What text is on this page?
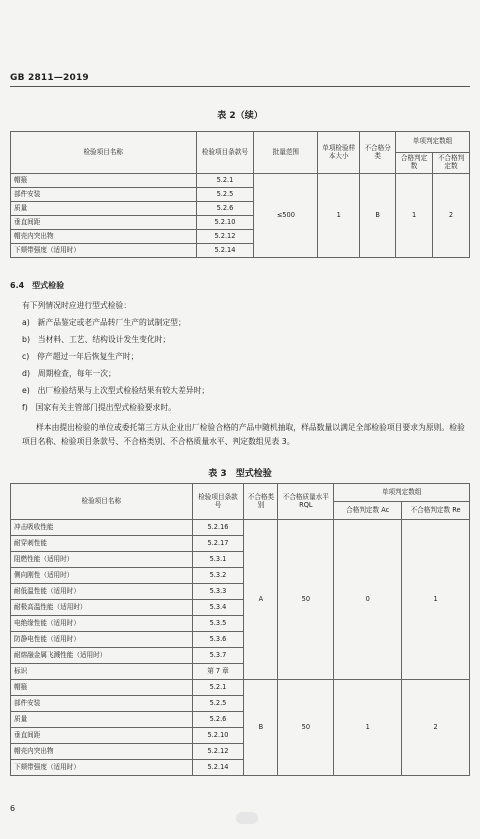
GB 2811—2019
表 2（续）
检验项目名称	检验项目条款号	批量范围	单项检验样本大小	不合格分类	单项判定数组	
					合格判定数	不合格判定数
帽箍	5.2.1	≤500	1	B	1	2
部件安装	5.2.5					
质量	5.2.6					
垂直间距	5.2.10					
帽壳内突出物	5.2.12					
下颏带强度（适用时）	5.2.14					
6.4　型式检验
有下列情况时应进行型式检验：
a)　新产品鉴定或老产品转厂生产的试制定型；
b)　当材料、工艺、结构设计发生变化时；
c)　停产超过一年后恢复生产时；
d)　周期检查，每年一次；
e)　出厂检验结果与上次型式检验结果有较大差异时；
f)　国家有关主管部门提出型式检验要求时。
样本由提出检验的单位或委托第三方从企业出厂检验合格的产品中随机抽取，样品数量以满足全部检验项目要求为原则。检验项目名称、检验项目条款号、不合格类别、不合格质量水平、判定数组见表 3。
表 3　型式检验
检验项目名称	检验项目条款号	不合格类别	不合格质量水平 RQL	单项判定数组	
				合格判定数 Ac	不合格判定数 Re
冲击吸收性能	5.2.16	A	50	0	1
耐穿刺性能	5.2.17				
阻燃性能（适用时）	5.3.1				
侧向刚性（适用时）	5.3.2				
耐低温性能（适用时）	5.3.3				
耐极高温性能（适用时）	5.3.4				
电绝缘性能（适用时）	5.3.5				
防静电性能（适用时）	5.3.6				
耐熔融金属飞溅性能（适用时）	5.3.7				
标识	第 7 章				
帽箍	5.2.1	B	50	1	2
部件安装	5.2.5				
质量	5.2.6				
垂直间距	5.2.10				
帽壳内突出物	5.2.12				
下颏带强度（适用时）	5.2.14				
6
